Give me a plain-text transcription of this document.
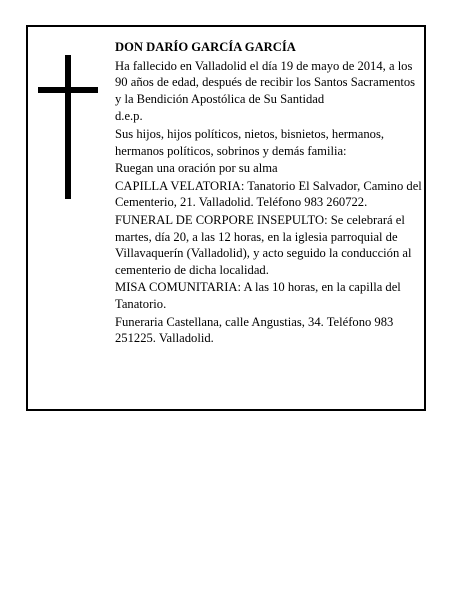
DON DARÍO GARCÍA GARCÍA

Ha fallecido en Valladolid el día 19 de mayo de 2014, a los 90 años de edad, después de recibir los Santos Sacramentos y la Bendición Apostólica de Su Santidad

d.e.p.

Sus hijos, hijos políticos, nietos, bisnietos, hermanos, hermanos políticos, sobrinos y demás familia:

Ruegan una oración por su alma

CAPILLA VELATORIA: Tanatorio El Salvador, Camino del Cementerio, 21. Valladolid. Teléfono 983 260722.

FUNERAL DE CORPORE INSEPULTO: Se celebrará el martes, día 20, a las 12 horas, en la iglesia parroquial de Villavaquerín (Valladolid), y acto seguido la conducción al cementerio de dicha localidad.

MISA COMUNITARIA: A las 10 horas, en la capilla del Tanatorio.

Funeraria Castellana, calle Angustias, 34. Teléfono 983 251225. Valladolid.
